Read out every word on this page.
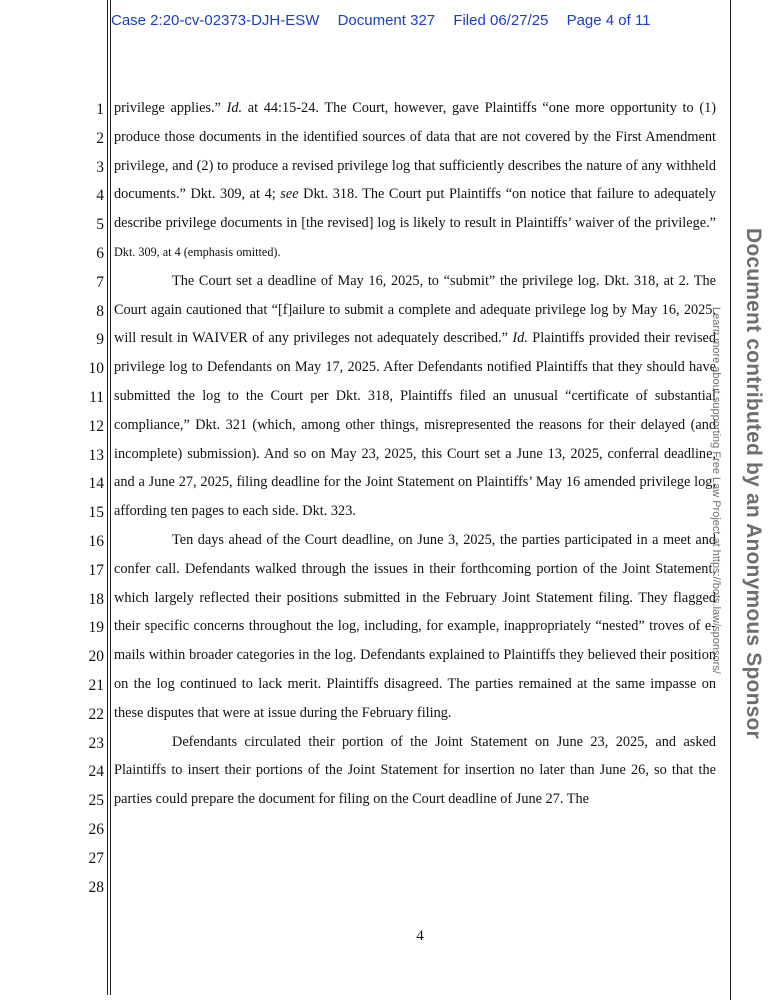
Case 2:20-cv-02373-DJH-ESW Document 327 Filed 06/27/25 Page 4 of 11
1
2
3
4
5
6
7
8
9
10
11
12
13
14
15
16
17
18
19
20
21
22
23
24
25
26
27
28

privilege applies.” Id. at 44:15-24. The Court, however, gave Plaintiffs “one more opportunity to (1) produce those documents in the identified sources of data that are not covered by the First Amendment privilege, and (2) to produce a revised privilege log that sufficiently describes the nature of any withheld documents.” Dkt. 309, at 4; see Dkt. 318. The Court put Plaintiffs “on notice that failure to adequately describe privilege documents in [the revised] log is likely to result in Plaintiffs’ waiver of the privilege.” Dkt. 309, at 4 (emphasis omitted).

The Court set a deadline of May 16, 2025, to “submit” the privilege log. Dkt. 318, at 2. The Court again cautioned that “[f]ailure to submit a complete and adequate privilege log by May 16, 2025, will result in WAIVER of any privileges not adequately described.” Id. Plaintiffs provided their revised privilege log to Defendants on May 17, 2025. After Defendants notified Plaintiffs that they should have submitted the log to the Court per Dkt. 318, Plaintiffs filed an unusual “certificate of substantial compliance,” Dkt. 321 (which, among other things, misrepresented the reasons for their delayed (and incomplete) submission). And so on May 23, 2025, this Court set a June 13, 2025, conferral deadline, and a June 27, 2025, filing deadline for the Joint Statement on Plaintiffs’ May 16 amended privilege log, affording ten pages to each side. Dkt. 323.

Ten days ahead of the Court deadline, on June 3, 2025, the parties participated in a meet and confer call. Defendants walked through the issues in their forthcoming portion of the Joint Statement, which largely reflected their positions submitted in the February Joint Statement filing. They flagged their specific concerns throughout the log, including, for example, inappropriately “nested” troves of e-mails within broader categories in the log. Defendants explained to Plaintiffs they believed their position on the log continued to lack merit. Plaintiffs disagreed. The parties remained at the same impasse on these disputes that were at issue during the February filing.

Defendants circulated their portion of the Joint Statement on June 23, 2025, and asked Plaintiffs to insert their portions of the Joint Statement for insertion no later than June 26, so that the parties could prepare the document for filing on the Court deadline of June 27. The

4
Document contributed by an Anonymous Sponsor
Learn more about supporting Free Law Project at https://bots.law/sponsors/
